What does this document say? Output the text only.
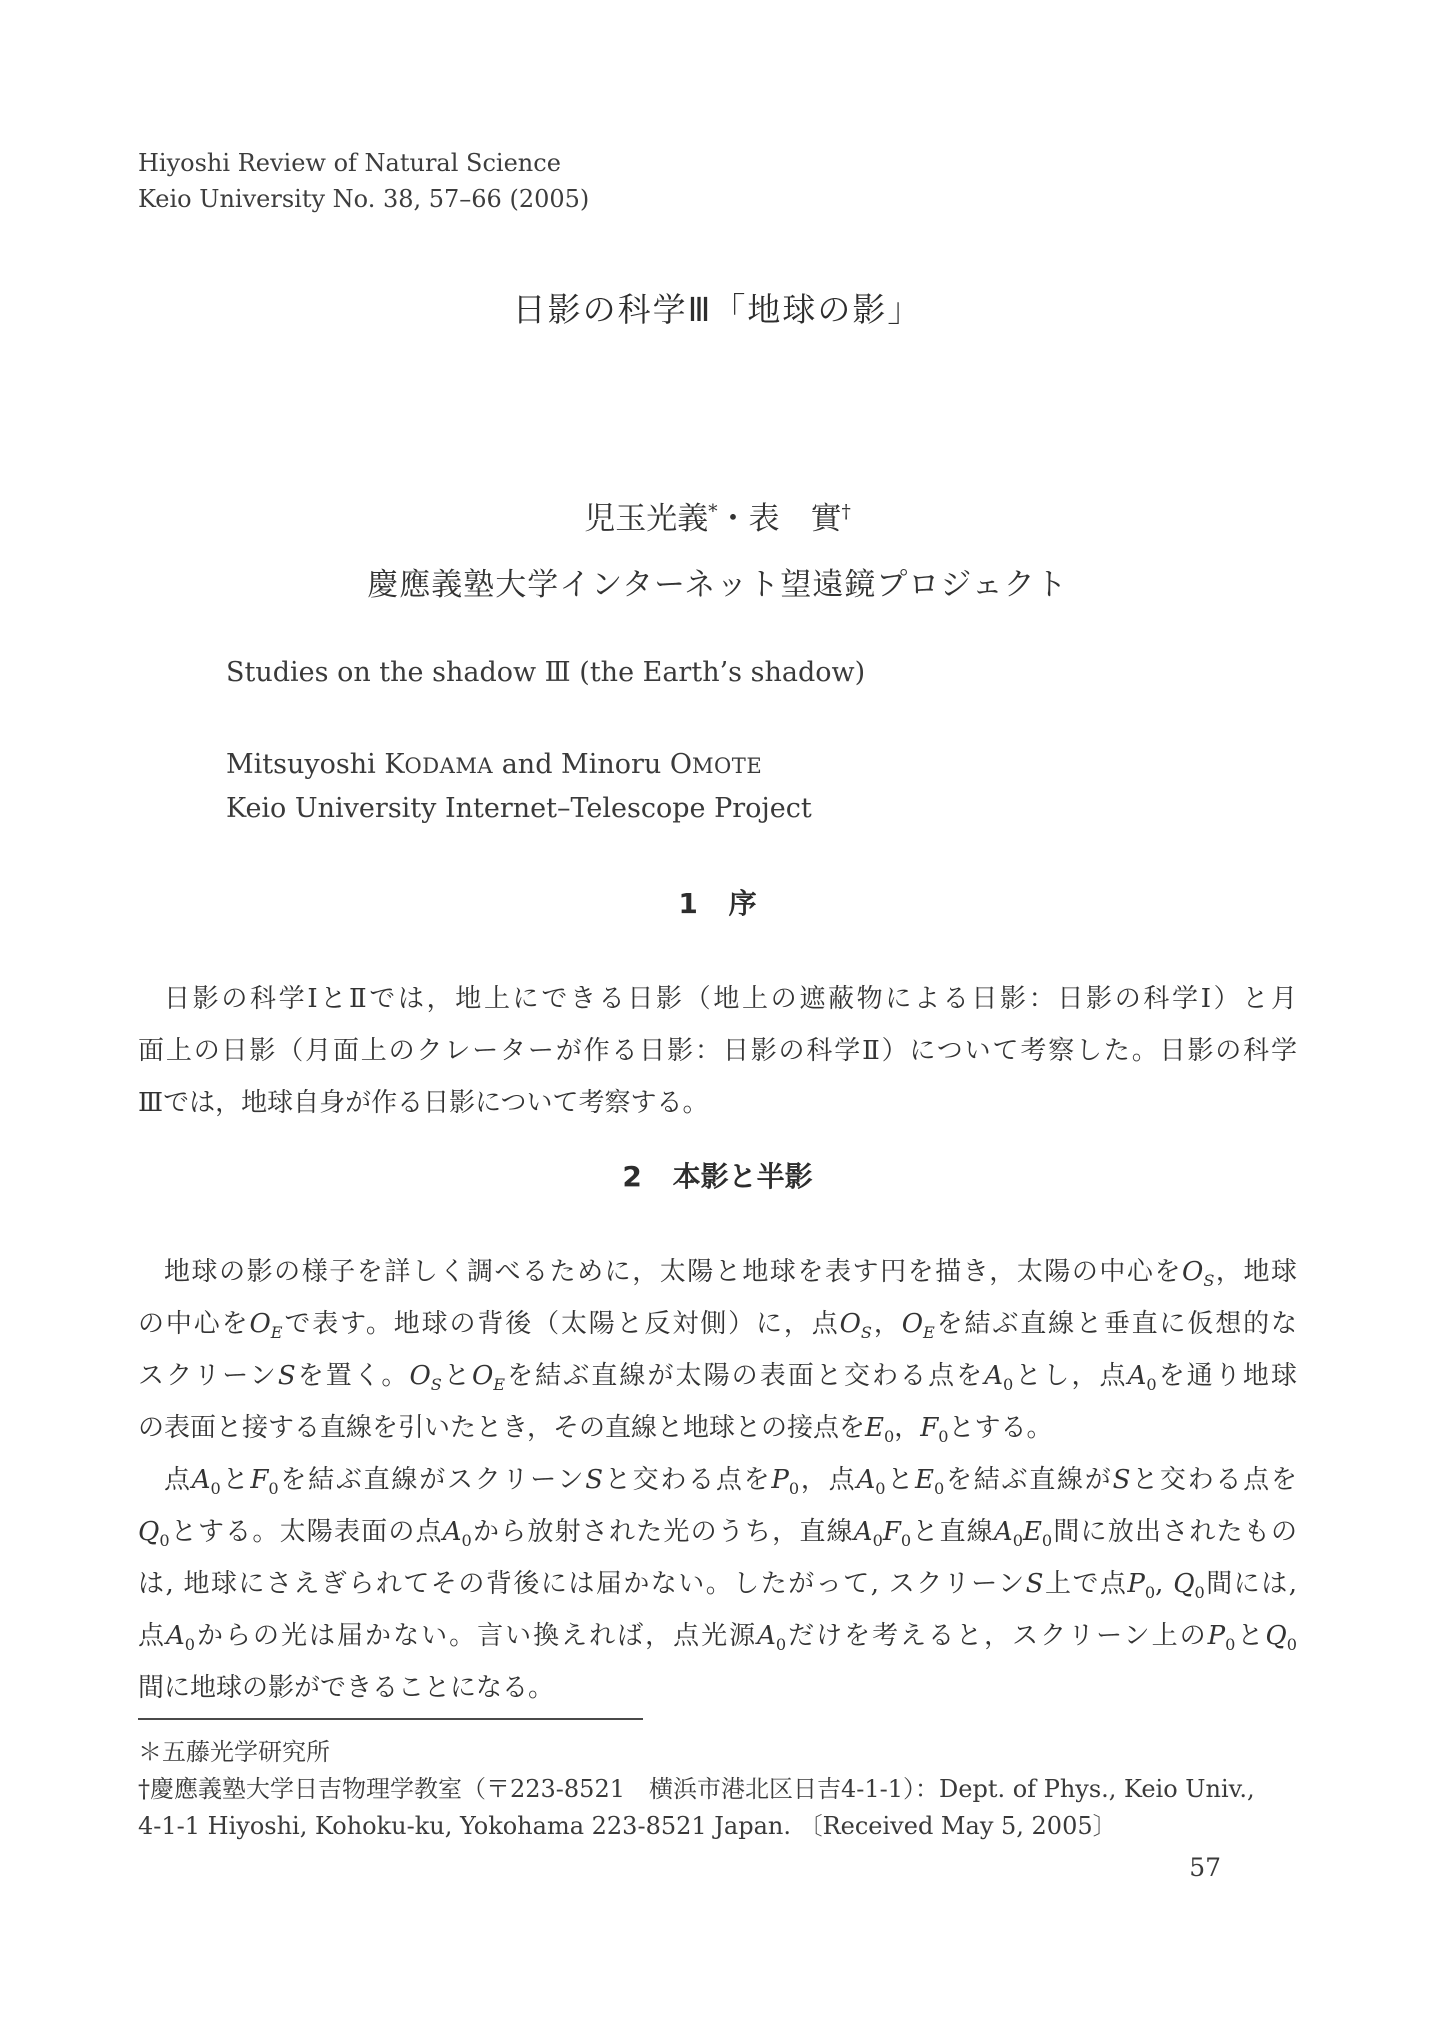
Hiyoshi Review of Natural Science
Keio University No. 38, 57–66 (2005)
日影の科学Ⅲ「地球の影」
児玉光義*・表　實†
慶應義塾大学インターネット望遠鏡プロジェクト
Studies on the shadow Ⅲ (the Earth’s shadow)
Mitsuyoshi KODAMA and Minoru OMOTE
Keio University Internet–Telescope Project
1 序
日影の科学ⅠとⅡでは，地上にできる日影（地上の遮蔽物による日影：日影の科学Ⅰ）と月
面上の日影（月面上のクレーターが作る日影：日影の科学Ⅱ）について考察した。日影の科学
Ⅲでは，地球自身が作る日影について考察する。
2 本影と半影
地球の影の様子を詳しく調べるために，太陽と地球を表す円を描き，太陽の中心を$O_S$，地球
の中心を$O_E$で表す。地球の背後（太陽と反対側）に，点$O_S$，$O_E$を結ぶ直線と垂直に仮想的な
スクリーンSを置く。$O_S$と$O_E$を結ぶ直線が太陽の表面と交わる点を$A_0$とし，点$A_0$を通り地球
の表面と接する直線を引いたとき，その直線と地球との接点を$E_0$，$F_0$とする。
点$A_0$と$F_0$を結ぶ直線がスクリーンSと交わる点を$P_0$，点$A_0$と$E_0$を結ぶ直線がSと交わる点を
$Q_0$とする。太陽表面の点$A_0$から放射された光のうち，直線$A_0F_0$と直線$A_0E_0$間に放出されたもの
は, 地球にさえぎられてその背後には届かない。したがって, スクリーンS上で点$P_0$, $Q_0$間には,
点$A_0$からの光は届かない。言い換えれば，点光源$A_0$だけを考えると，スクリーン上の$P_0$と$Q_0$
間に地球の影ができることになる。
＊五藤光学研究所
†慶應義塾大学日吉物理学教室（〒223-8521　横浜市港北区日吉4-1-1）：Dept. of Phys., Keio Univ.,
4-1-1 Hiyoshi, Kohoku-ku, Yokohama 223-8521 Japan. 〔Received May 5, 2005〕
57
